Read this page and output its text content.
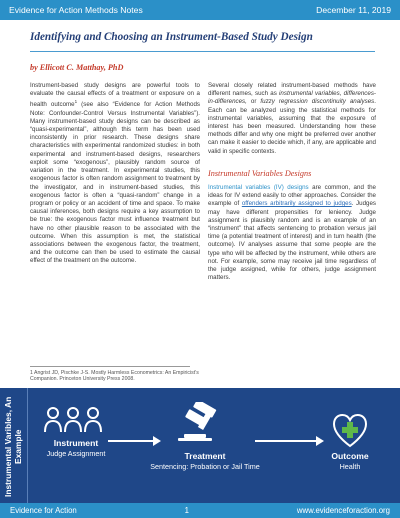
Evidence for Action Methods Notes	December 11, 2019
Identifying and Choosing an Instrument-Based Study Design
by Ellicott C. Matthay, PhD

Instrument-based study designs are powerful tools to evaluate the causal effects of a treatment or exposure on a health outcome$^1$ (see also “Evidence for Action Methods Note: Confounder-Control Versus Instrumental Variables”). Many instrument-based study designs can be described as “quasi-experimental”, although this term has been used inconsistently in prior research. These designs share characteristics with experimental randomized studies: in both experimental and instrument-based designs, researchers exploit some “exogenous”, plausibly random source of variation in the treatment. In experimental studies, this exogenous factor is often random assignment to treatment by the investigator, and in instrument-based studies, this exogenous factor is often a “quasi-random” change in a program or policy or an accident of time and space. To make causal inferences, both designs require a key assumption to be true: the exogenous factor must influence treatment but have no other plausible reason to be associated with the outcome. When this assumption is met, the statistical associations between the exogenous factor, the treatment, and the outcome can then be used to estimate the causal effect of the treatment on the outcome.

Several closely related instrument-based methods have different names, such as instrumental variables, differences-in-differences, or fuzzy regression discontinuity analyses. Each can be analyzed using the statistical methods for instrumental variables, assuming that the exposure of interest has been measured. Understanding how these methods differ and why one might be preferred over another can make it easier to decide which, if any, are applicable and valid in specific contexts.

Instrumental Variables Designs

Instrumental variables (IV) designs are common, and the ideas for IV extend easily to other approaches. Consider the example of offenders arbitrarily assigned to judges. Judges may have different propensities for leniency. Judge assignment is plausibly random and is an example of an “instrument” that affects sentencing to probation versus jail time (a potential treatment of interest) and in turn health (the outcome). IV analyses assume that some people are the type who will be affected by the instrument, while others are not. For example, some may receive jail time regardless of the judge assigned, while for others, judge assignment matters.

1 Angrist JD, Pischke J-S. Mostly Harmless Econometrics: An Empiricist’s Companion. Princeton University Press 2008.
Instrumental Varibles, An Example	Instrument
Judge Assignment	Treatment
Sentencing: Probation or Jail Time
Outcome
Health
Evidence for Action	1	www.evidenceforaction.org
